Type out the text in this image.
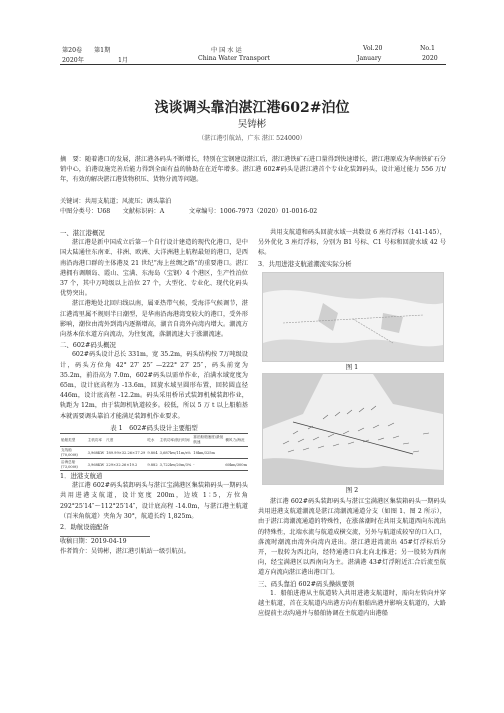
第20卷 第1期	中 国 水 运	Vol.20	No.1
2020年	1月	China Water Transport	January	2020
浅谈调头靠泊湛江港602#泊位
吴铸彬
（湛江港引航站，广东 湛江 524000）
摘　要：随着港口的发展，湛江港各码头不断增长，特别在宝钢建设湛江后，湛江港铁矿石进口量得到快速增长，湛江港原成为华南铁矿石分销中心，泊港设施完善后能力得到全面有益的胁助在在近年增多。湛江港 602#码头是湛江港首个专业化装卸码头，设计通过能力 556 万t/年，有效的解决湛江港货物积压、货物分流等问题。
关键词：共用支航道；风流压；调头靠泊
中图分类号：U68　　文献标识码：A　　　　文章编号：1006-7973（2020）01-0016-02
一、湛江港概况
湛江港是新中国成立后第一个自行设计建造的现代化港口，是中国大陆通往东南亚、非洲、欧洲、大洋洲港上航程最短的港口，是西南沿海港口群的主体港及 21 世纪“海上丝绸之路”的重要港口。湛江港拥有调顺岛、霞山、宝满、东海岛（宝钢）4 个港区，生产性泊位 37 个，其中万吨级以上泊位 27 个，大型化、专业化、现代化码头优势突出。
湛江港地处北回归线以南，属亚热带气候，受海洋气候调节，湛江港湾里属不规则半日潮型，是华南沿海港湾变较大的港口，受外形影响，潮位由湾外到湾内逐渐增高，湖音自湾外向湾内增大。潮流方向基本依水道方向流动，为往复流，落潮流速大于涨潮流速。
二、602#码头概况
602#码头设计总长 331m，宽 35.2m，码头结构按 7万吨级设计，码头方位角 42° 27′ 25″ —222° 27′ 25″，码头前宽为 35.2m，前沿高为 7.0m，602#码头以需单作业，泊满水域宽度为 65m，设计底高程为 -13.6m，回旋水域呈圆形布置，回转圆直径 446m，设计底高程 -12.2m。码头采用桥吊式装卸机械装卸作业，轨距为 12m，由于装卸机轨道较多。较低，所以 5 万 t 以上船舶基本就需要调头靠泊才能满足装卸机作业要求。
表 1　602#码头设计主要船型
船舶类型	主机功率	尺度	吃水	主机功率/航行时间	靠泊船舶速度/最低航速	横风力/海况
支线船(70,000t)	3,968KW	189.99×32.26×17.29	9.804	3,687kw/11m/s%	18km/325m	
沿海总船(73,000t)	3,968KW	229×32.26×19.2	9.882	3,722kw/20m/3%	-	60km/300m
1．进港支航道
湛江港 602#码头装卸码头与湛江宝满港区集装箱码头一期码头共用进港支航道，设计宽度 200m，边坡 1∶5，方位角 292°25′14″～112°25′14″，设计底高程 -14.0m，与湛江港主航道（百米角航道）夹角为 30°，航道长约 1,825m。
2．助航设施配备
收稿日期：2019-04-19
作者简介：吴铸彬，湛江港引航站一级引航员。
共用支航道和码头回旋水域一共数设 6 座灯浮标（141-145），另外优化 3 座灯浮标，分别为 B1 号标、C1 号标和回旋水域 42 号标。
3．共用进港支航道潮流实际分析
图 1
图 2
湛江港 602#码头装卸码头与湛江宝满港区集装箱码头一期码头共用进港支航道潮流是湛江湾潮流通道分支（如图 1、图 2 所示），由于湛江湾潮流通道的特殊性，在涨落潮时在共用支航道西向东流出的特殊性，北端水流与航道成横交流，另外与航道成较窄的口入口，落流时潮流由湾外向湾内进出。湛江港进湾流出 45#灯浮标后分开，一股转为西北向，经特通港口向北向北推进；另一股转为西南向，经宝满港区以西南向为主。湛满港 43#灯浮附近汇合后流至航道方向流向湛江港出港口门。
三、码头靠泊 602#码头操纵要领
1．船舶进港从主航道转入共用进港支航道时，需向左转向并穿越主航道，首在支航道内出港方向有船舶出港并影响支航道的，大路应提前主动沟通并与船舶协调在主航道内出港船
